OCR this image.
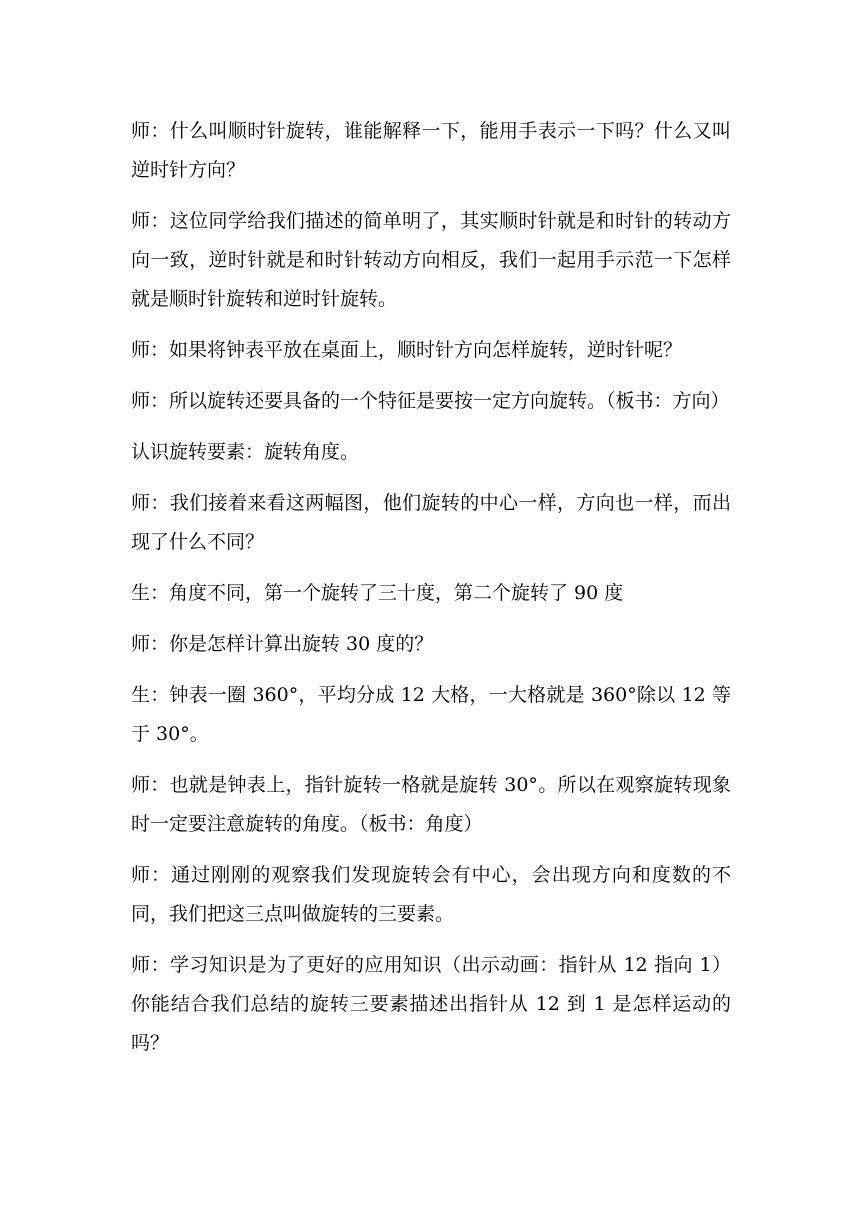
师：什么叫顺时针旋转，谁能解释一下，能用手表示一下吗？什么又叫逆时针方向？

师：这位同学给我们描述的简单明了，其实顺时针就是和时针的转动方向一致，逆时针就是和时针转动方向相反，我们一起用手示范一下怎样就是顺时针旋转和逆时针旋转。

师：如果将钟表平放在桌面上，顺时针方向怎样旋转，逆时针呢？

师：所以旋转还要具备的一个特征是要按一定方向旋转。（板书：方向）

认识旋转要素：旋转角度。

师：我们接着来看这两幅图，他们旋转的中心一样，方向也一样，而出现了什么不同？

生：角度不同，第一个旋转了三十度，第二个旋转了 90 度

师：你是怎样计算出旋转 30 度的？

生：钟表一圈 360°，平均分成 12 大格，一大格就是 360°除以 12 等于 30°。

师：也就是钟表上，指针旋转一格就是旋转 30°。所以在观察旋转现象时一定要注意旋转的角度。（板书：角度）

师：通过刚刚的观察我们发现旋转会有中心，会出现方向和度数的不同，我们把这三点叫做旋转的三要素。

师：学习知识是为了更好的应用知识（出示动画：指针从 12 指向 1）你能结合我们总结的旋转三要素描述出指针从 12 到 1 是怎样运动的吗？
